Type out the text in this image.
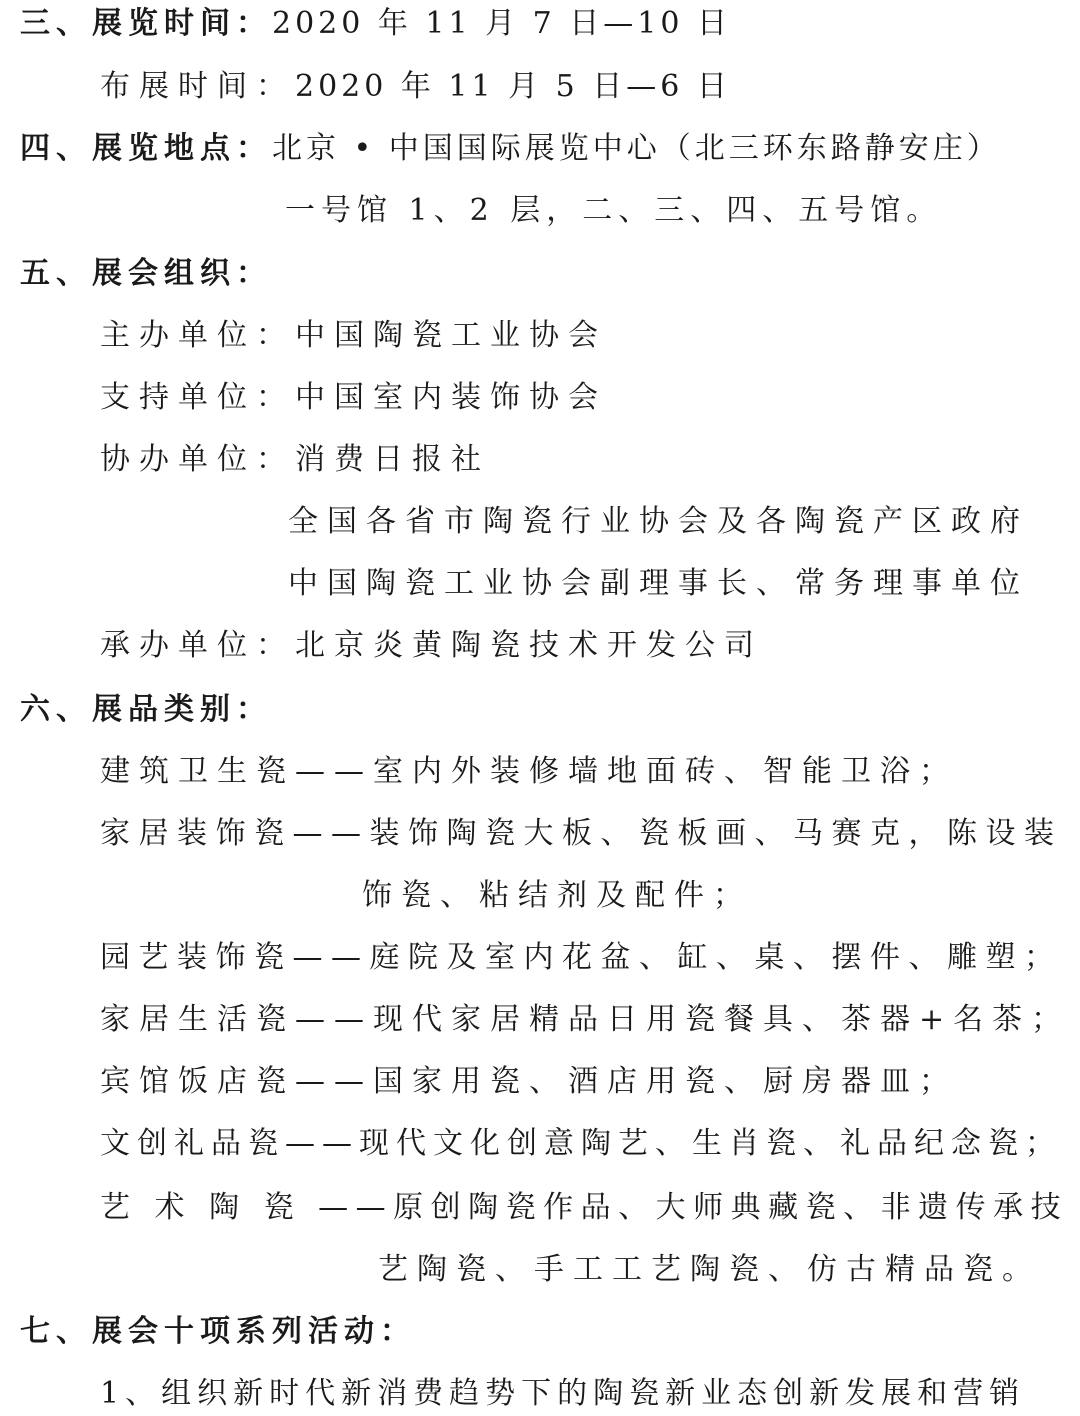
三、展览时间：2020 年 11 月 7 日—10 日
布展时间：2020 年 11 月 5 日—6 日
四、展览地点：北京 • 中国国际展览中心（北三环东路静安庄）
一号馆 1、2 层，二、三、四、五号馆。
五、展会组织：
主办单位：中国陶瓷工业协会
支持单位：中国室内装饰协会
协办单位：消费日报社
全国各省市陶瓷行业协会及各陶瓷产区政府
中国陶瓷工业协会副理事长、常务理事单位
承办单位：北京炎黄陶瓷技术开发公司
六、展品类别：
建筑卫生瓷——室内外装修墙地面砖、智能卫浴；
家居装饰瓷——装饰陶瓷大板、瓷板画、马赛克，陈设装
饰瓷、粘结剂及配件；
园艺装饰瓷——庭院及室内花盆、缸、桌、摆件、雕塑；
家居生活瓷——现代家居精品日用瓷餐具、茶器+名茶；
宾馆饭店瓷——国家用瓷、酒店用瓷、厨房器皿；
文创礼品瓷——现代文化创意陶艺、生肖瓷、礼品纪念瓷；
艺 术 陶 瓷 ——原创陶瓷作品、大师典藏瓷、非遗传承技
艺陶瓷、手工工艺陶瓷、仿古精品瓷。
七、展会十项系列活动：
1、组织新时代新消费趋势下的陶瓷新业态创新发展和营销
